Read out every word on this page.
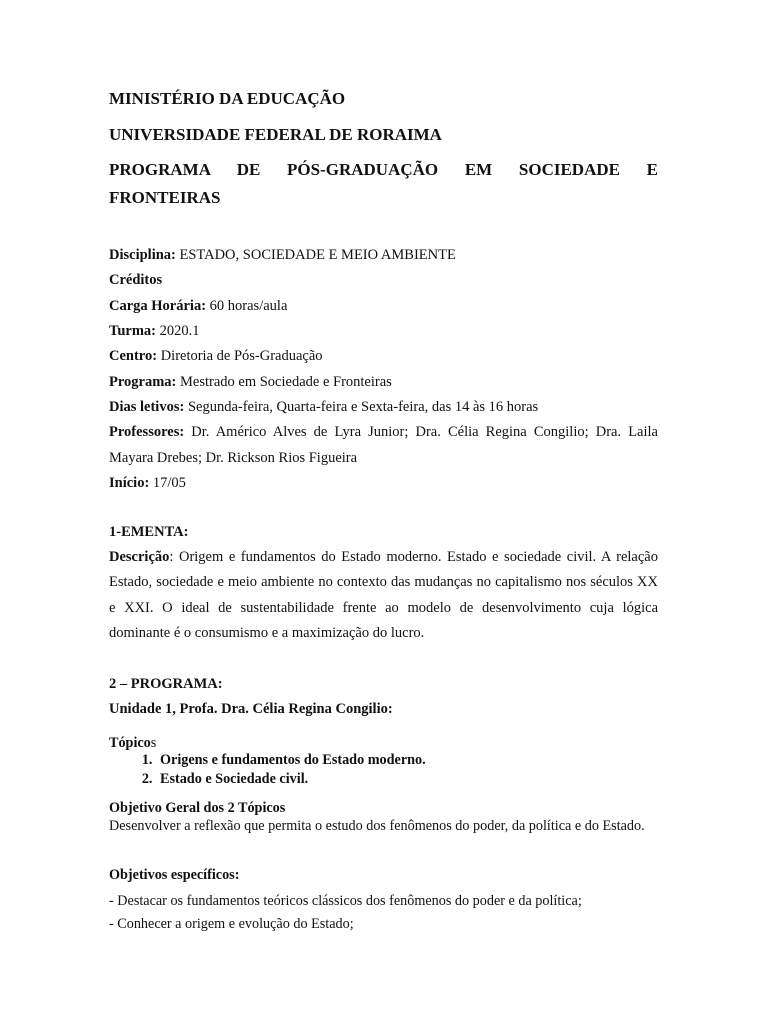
MINISTÉRIO DA EDUCAÇÃO
UNIVERSIDADE FEDERAL DE RORAIMA
PROGRAMA DE PÓS-GRADUAÇÃO EM SOCIEDADE E
FRONTEIRAS
Disciplina: ESTADO, SOCIEDADE E MEIO AMBIENTE
Créditos
Carga Horária: 60 horas/aula
Turma: 2020.1
Centro: Diretoria de Pós-Graduação
Programa: Mestrado em Sociedade e Fronteiras
Dias letivos: Segunda-feira, Quarta-feira e Sexta-feira, das 14 às 16 horas
Professores: Dr. Américo Alves de Lyra Junior; Dra. Célia Regina Congilio; Dra. Laila
Mayara Drebes; Dr. Rickson Rios Figueira
Início: 17/05
1-EMENTA:
Descrição: Origem e fundamentos do Estado moderno. Estado e sociedade civil. A relação Estado, sociedade e meio ambiente no contexto das mudanças no capitalismo nos séculos XX e XXI. O ideal de sustentabilidade frente ao modelo de desenvolvimento cuja lógica dominante é o consumismo e a maximização do lucro.
2 – PROGRAMA:
Unidade 1, Profa. Dra. Célia Regina Congilio:
Tópicos
1. Origens e fundamentos do Estado moderno.
2. Estado e Sociedade civil.
Objetivo Geral dos 2 Tópicos
Desenvolver a reflexão que permita o estudo dos fenômenos do poder, da política e do Estado.
Objetivos específicos:
- Destacar os fundamentos teóricos clássicos dos fenômenos do poder e da política;
- Conhecer a origem e evolução do Estado;
